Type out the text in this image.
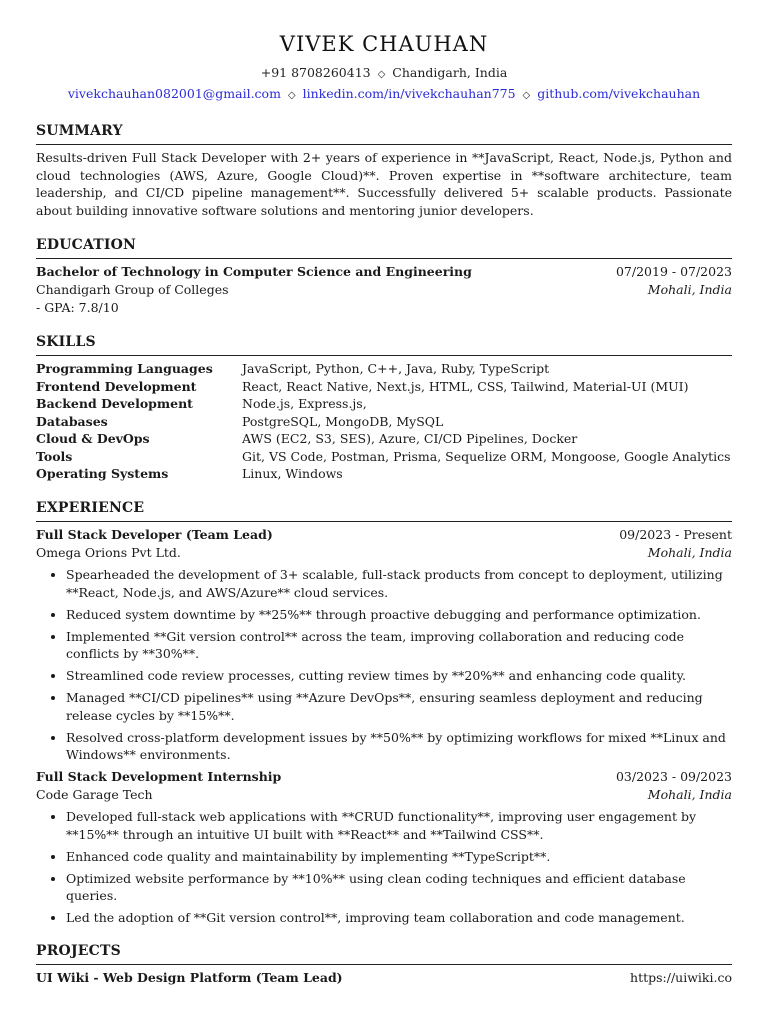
VIVEK CHAUHAN
+91 8708260413 ◇ Chandigarh, India
vivekchauhan082001@gmail.com ◇ linkedin.com/in/vivekchauhan775 ◇ github.com/vivekchauhan
SUMMARY
Results-driven Full Stack Developer with 2+ years of experience in **JavaScript, React, Node.js, Python and cloud technologies (AWS, Azure, Google Cloud)**. Proven expertise in **software architecture, team leadership, and CI/CD pipeline management**. Successfully delivered 5+ scalable products. Passionate about building innovative software solutions and mentoring junior developers.
EDUCATION
Bachelor of Technology in Computer Science and Engineering	07/2019 - 07/2023
Chandigarh Group of Colleges	Mohali, India
- GPA: 7.8/10
SKILLS
Programming Languages	JavaScript, Python, C++, Java, Ruby, TypeScript
Frontend Development	React, React Native, Next.js, HTML, CSS, Tailwind, Material-UI (MUI)
Backend Development	Node.js, Express.js,
Databases	PostgreSQL, MongoDB, MySQL
Cloud & DevOps	AWS (EC2, S3, SES), Azure, CI/CD Pipelines, Docker
Tools	Git, VS Code, Postman, Prisma, Sequelize ORM, Mongoose, Google Analytics
Operating Systems	Linux, Windows
EXPERIENCE
Full Stack Developer (Team Lead)	09/2023 - Present
Omega Orions Pvt Ltd.	Mohali, India
• Spearheaded the development of 3+ scalable, full-stack products from concept to deployment, utilizing **React, Node.js, and AWS/Azure** cloud services.
• Reduced system downtime by **25%** through proactive debugging and performance optimization.
• Implemented **Git version control** across the team, improving collaboration and reducing code conflicts by **30%**.
• Streamlined code review processes, cutting review times by **20%** and enhancing code quality.
• Managed **CI/CD pipelines** using **Azure DevOps**, ensuring seamless deployment and reducing release cycles by **15%**.
• Resolved cross-platform development issues by **50%** by optimizing workflows for mixed **Linux and Windows** environments.
Full Stack Development Internship	03/2023 - 09/2023
Code Garage Tech	Mohali, India
• Developed full-stack web applications with **CRUD functionality**, improving user engagement by **15%** through an intuitive UI built with **React** and **Tailwind CSS**.
• Enhanced code quality and maintainability by implementing **TypeScript**.
• Optimized website performance by **10%** using clean coding techniques and efficient database queries.
• Led the adoption of **Git version control**, improving team collaboration and code management.
PROJECTS
UI Wiki - Web Design Platform (Team Lead)	https://uiwiki.co
